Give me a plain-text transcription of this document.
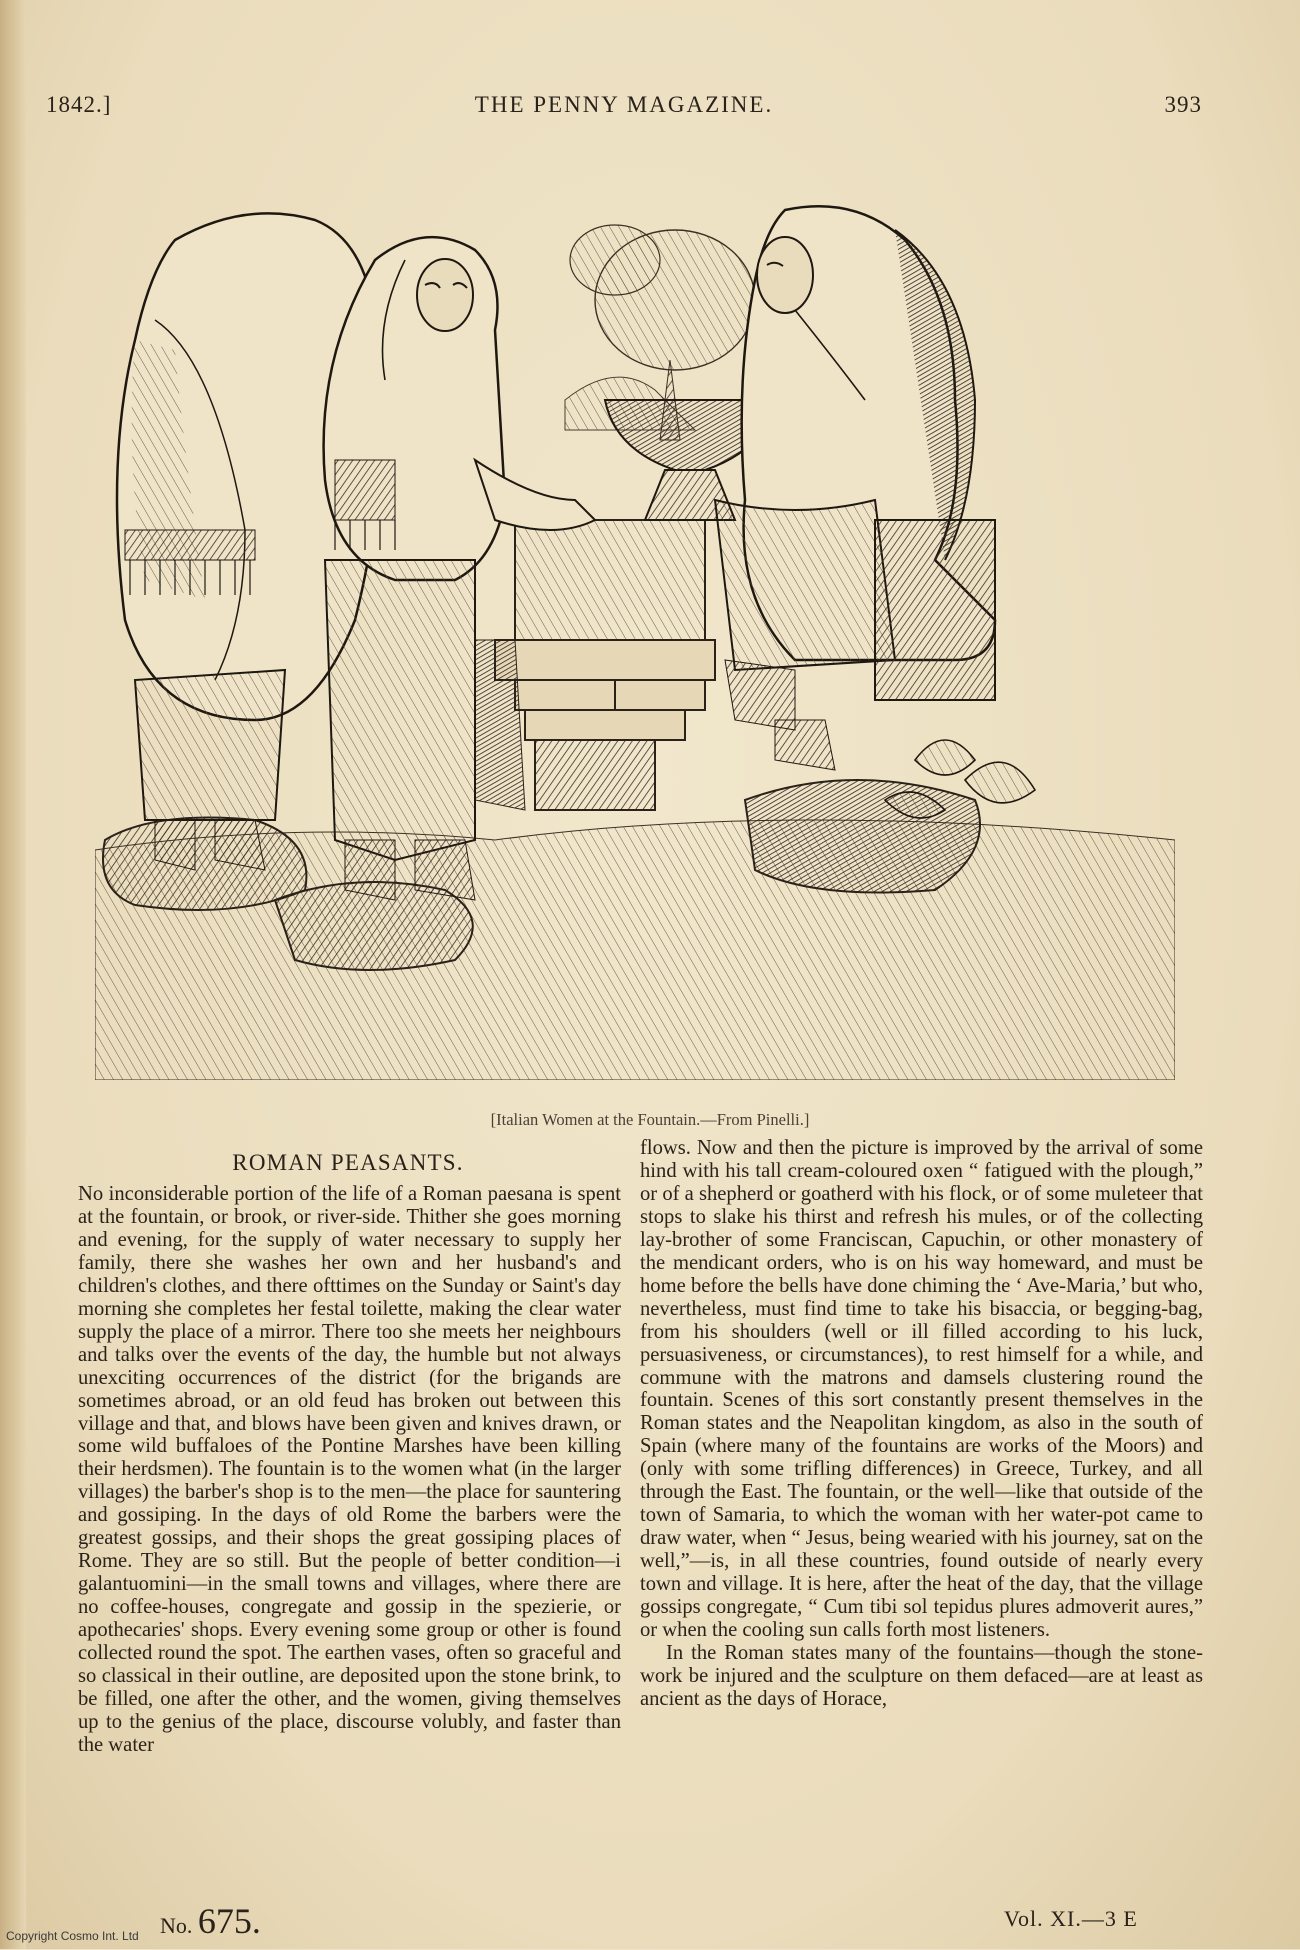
1842.]	THE PENNY MAGAZINE.	393
[Italian Women at the Fountain.—From Pinelli.]
ROMAN PEASANTS.

No inconsiderable portion of the life of a Roman paesana is spent at the fountain, or brook, or river-side. Thither she goes morning and evening, for the supply of water necessary to supply her family, there she washes her own and her husband's and children's clothes, and there ofttimes on the Sunday or Saint's day morning she completes her festal toilette, making the clear water supply the place of a mirror. There too she meets her neighbours and talks over the events of the day, the humble but not always unexciting occurrences of the district (for the brigands are sometimes abroad, or an old feud has broken out between this village and that, and blows have been given and knives drawn, or some wild buffaloes of the Pontine Marshes have been killing their herdsmen). The fountain is to the women what (in the larger villages) the barber's shop is to the men—the place for sauntering and gossiping. In the days of old Rome the barbers were the greatest gossips, and their shops the great gossiping places of Rome. They are so still. But the people of better condition—i galantuomini—in the small towns and villages, where there are no coffee-houses, congregate and gossip in the spezierie, or apothecaries' shops. Every evening some group or other is found collected round the spot. The earthen vases, often so graceful and so classical in their outline, are deposited upon the stone brink, to be filled, one after the other, and the women, giving themselves up to the genius of the place, discourse volubly, and faster than the water

flows. Now and then the picture is improved by the arrival of some hind with his tall cream-coloured oxen “ fatigued with the plough,” or of a shepherd or goatherd with his flock, or of some muleteer that stops to slake his thirst and refresh his mules, or of the collecting lay-brother of some Franciscan, Capuchin, or other monastery of the mendicant orders, who is on his way homeward, and must be home before the bells have done chiming the ‘ Ave-Maria,’ but who, nevertheless, must find time to take his bisaccia, or begging-bag, from his shoulders (well or ill filled according to his luck, persuasiveness, or circumstances), to rest himself for a while, and commune with the matrons and damsels clustering round the fountain. Scenes of this sort constantly present themselves in the Roman states and the Neapolitan kingdom, as also in the south of Spain (where many of the fountains are works of the Moors) and (only with some trifling differences) in Greece, Turkey, and all through the East. The fountain, or the well—like that outside of the town of Samaria, to which the woman with her water-pot came to draw water, when “ Jesus, being wearied with his journey, sat on the well,”—is, in all these countries, found outside of nearly every town and village. It is here, after the heat of the day, that the village gossips congregate, “ Cum tibi sol tepidus plures admoverit aures,” or when the cooling sun calls forth most listeners.

In the Roman states many of the fountains—though the stone-work be injured and the sculpture on them defaced—are at least as ancient as the days of Horace,

No. 675.	Vol. XI.—3 E
Copyright Cosmo Int. Ltd
